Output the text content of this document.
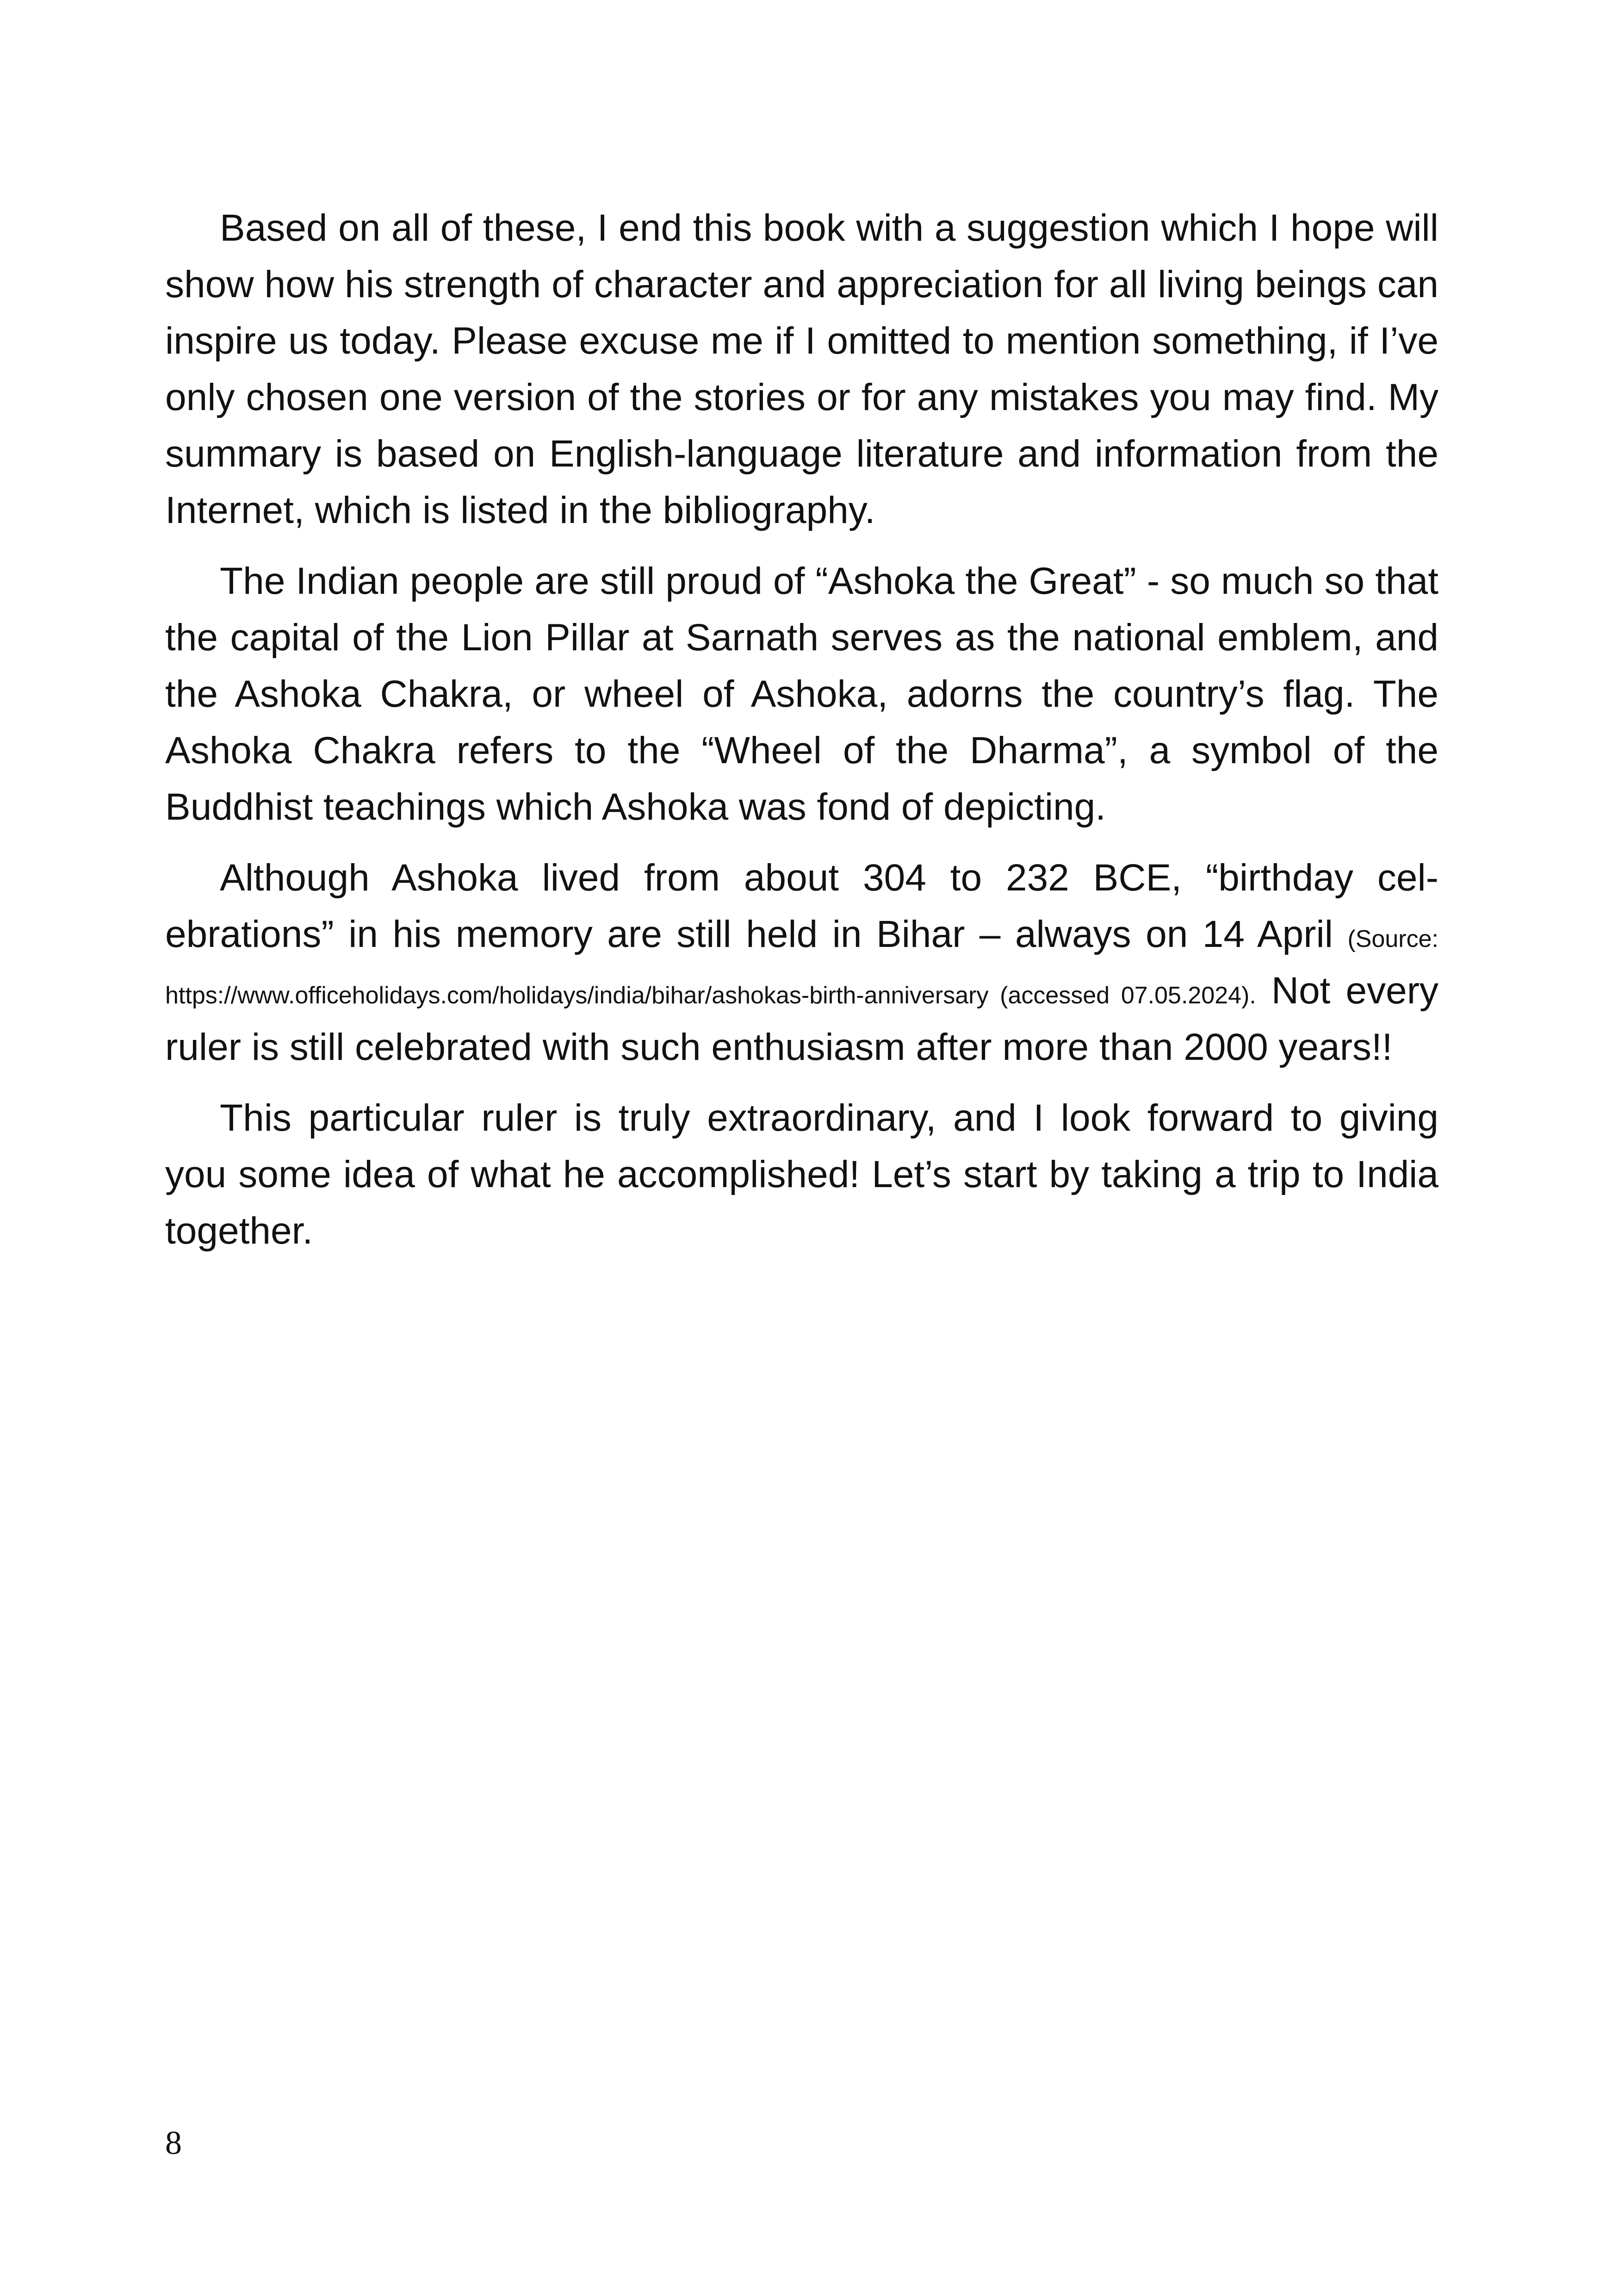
Based on all of these, I end this book with a suggestion which I hope will show how his strength of character and appreciation for all living beings can inspire us today. Please excuse me if I omitted to mention something, if I’ve only chosen one version of the stories or for any mistakes you may find. My summary is based on English-language literature and information from the Internet, which is listed in the bibliography.

The Indian people are still proud of “Ashoka the Great” - so much so that the capital of the Lion Pillar at Sarnath serves as the national emblem, and the Ashoka Chakra, or wheel of Ashoka, adorns the country’s flag. The Ashoka Chakra refers to the “Wheel of the Dharma”, a symbol of the Buddhist teachings which Ashoka was fond of depicting.

Although Ashoka lived from about 304 to 232 BCE, “birthday celebrations” in his memory are still held in Bihar – always on 14 April (Source: https://www.officeholidays.com/holidays/india/bihar/ashokas-birth-anniversary (accessed 07.05.2024). Not every ruler is still celebrated with such enthusiasm after more than 2000 years!!

This particular ruler is truly extraordinary, and I look forward to giving you some idea of what he accomplished! Let’s start by taking a trip to India together.

8
